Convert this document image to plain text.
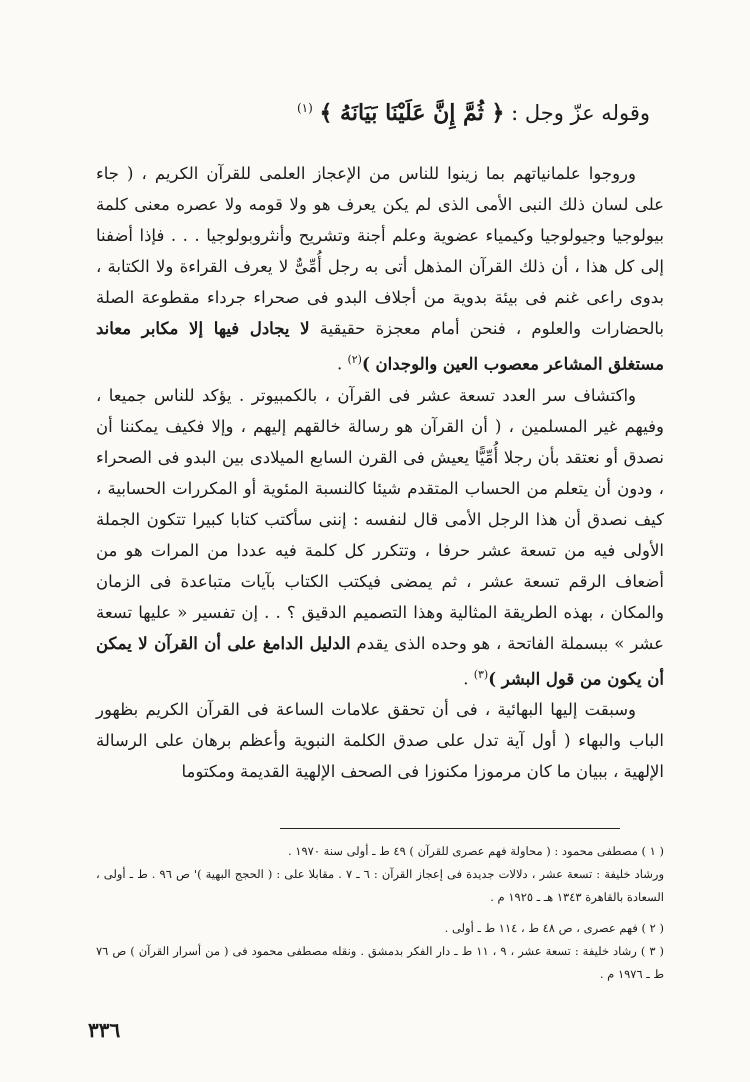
وقوله عزّ وجل : ﴿ ثُمَّ إِنَّ عَلَيْنَا بَيَانَهُ ﴾ $^{(١)}$

وروجوا علمانياتهم بما زينوا للناس من الإعجاز العلمى للقرآن الكريم ، ( جاء على لسان ذلك النبى الأمى الذى لم يكن يعرف هو ولا قومه ولا عصره معنى كلمة بيولوجيا وجيولوجيا وكيمياء عضوية وعلم أجنة وتشريح وأنثروبولوجيا . . . فإذا أضفنا إلى كل هذا ، أن ذلك القرآن المذهل أتى به رجل أُمِّىٌّ لا يعرف القراءة ولا الكتابة ، بدوى راعى غنم فى بيئة بدوية من أجلاف البدو فى صحراء جرداء مقطوعة الصلة بالحضارات والعلوم ، فنحن أمام معجزة حقيقية لا يجادل فيها إلا مكابر معاند مستغلق المشاعر معصوب العين والوجدان )$^{(٢)}$ .

واكتشاف سر العدد تسعة عشر فى القرآن ، بالكمبيوتر . يؤكد للناس جميعا ، وفيهم غير المسلمين ، ( أن القرآن هو رسالة خالقهم إليهم ، وإلا فكيف يمكننا أن نصدق أو نعتقد بأن رجلا أُمِّيًّا يعيش فى القرن السابع الميلادى بين البدو فى الصحراء ، ودون أن يتعلم من الحساب المتقدم شيئا كالنسبة المئوية أو المكررات الحسابية ، كيف نصدق أن هذا الرجل الأمى قال لنفسه : إننى سأكتب كتابا كبيرا تتكون الجملة الأولى فيه من تسعة عشر حرفا ، وتتكرر كل كلمة فيه عددا من المرات هو من أضعاف الرقم تسعة عشر ، ثم يمضى فيكتب الكتاب بآيات متباعدة فى الزمان والمكان ، بهذه الطريقة المثالية وهذا التصميم الدقيق ؟ . . إن تفسير « عليها تسعة عشر » ببسملة الفاتحة ، هو وحده الذى يقدم الدليل الدامغ على أن القرآن لا يمكن أن يكون من قول البشر )$^{(٣)}$ .

وسبقت إليها البهائية ، فى أن تحقق علامات الساعة فى القرآن الكريم بظهور الباب والبهاء ( أول آية تدل على صدق الكلمة النبوية وأعظم برهان على الرسالة الإلهية ، ببيان ما كان مرموزا مكنوزا فى الصحف الإلهية القديمة ومكتوما

( ١ ) مصطفى محمود : ( محاولة فهم عصرى للقرآن ) ٤٩ ط ـ أولى سنة ١٩٧٠ .

ورشاد خليفة : تسعة عشر ، دلالات جديدة فى إعجاز القرآن : ٦ ـ ٧ . مقابلا على : ( الحجج البهية )' ص ٩٦ . ط ـ أولى ، السعادة بالقاهرة ١٣٤٣ هـ ـ ١٩٢٥ م .

( ٢ ) فهم عصرى ، ص ٤٨ ط ، ١١٤ ط ـ أولى .

( ٣ ) رشاد خليفة : تسعة عشر ، ٩ ، ١١ ط ـ دار الفكر بدمشق . ونقله مصطفى محمود فى ( من أسرار القرآن ) ص ٧٦ ط ـ ١٩٧٦ م .

٣٣٦
